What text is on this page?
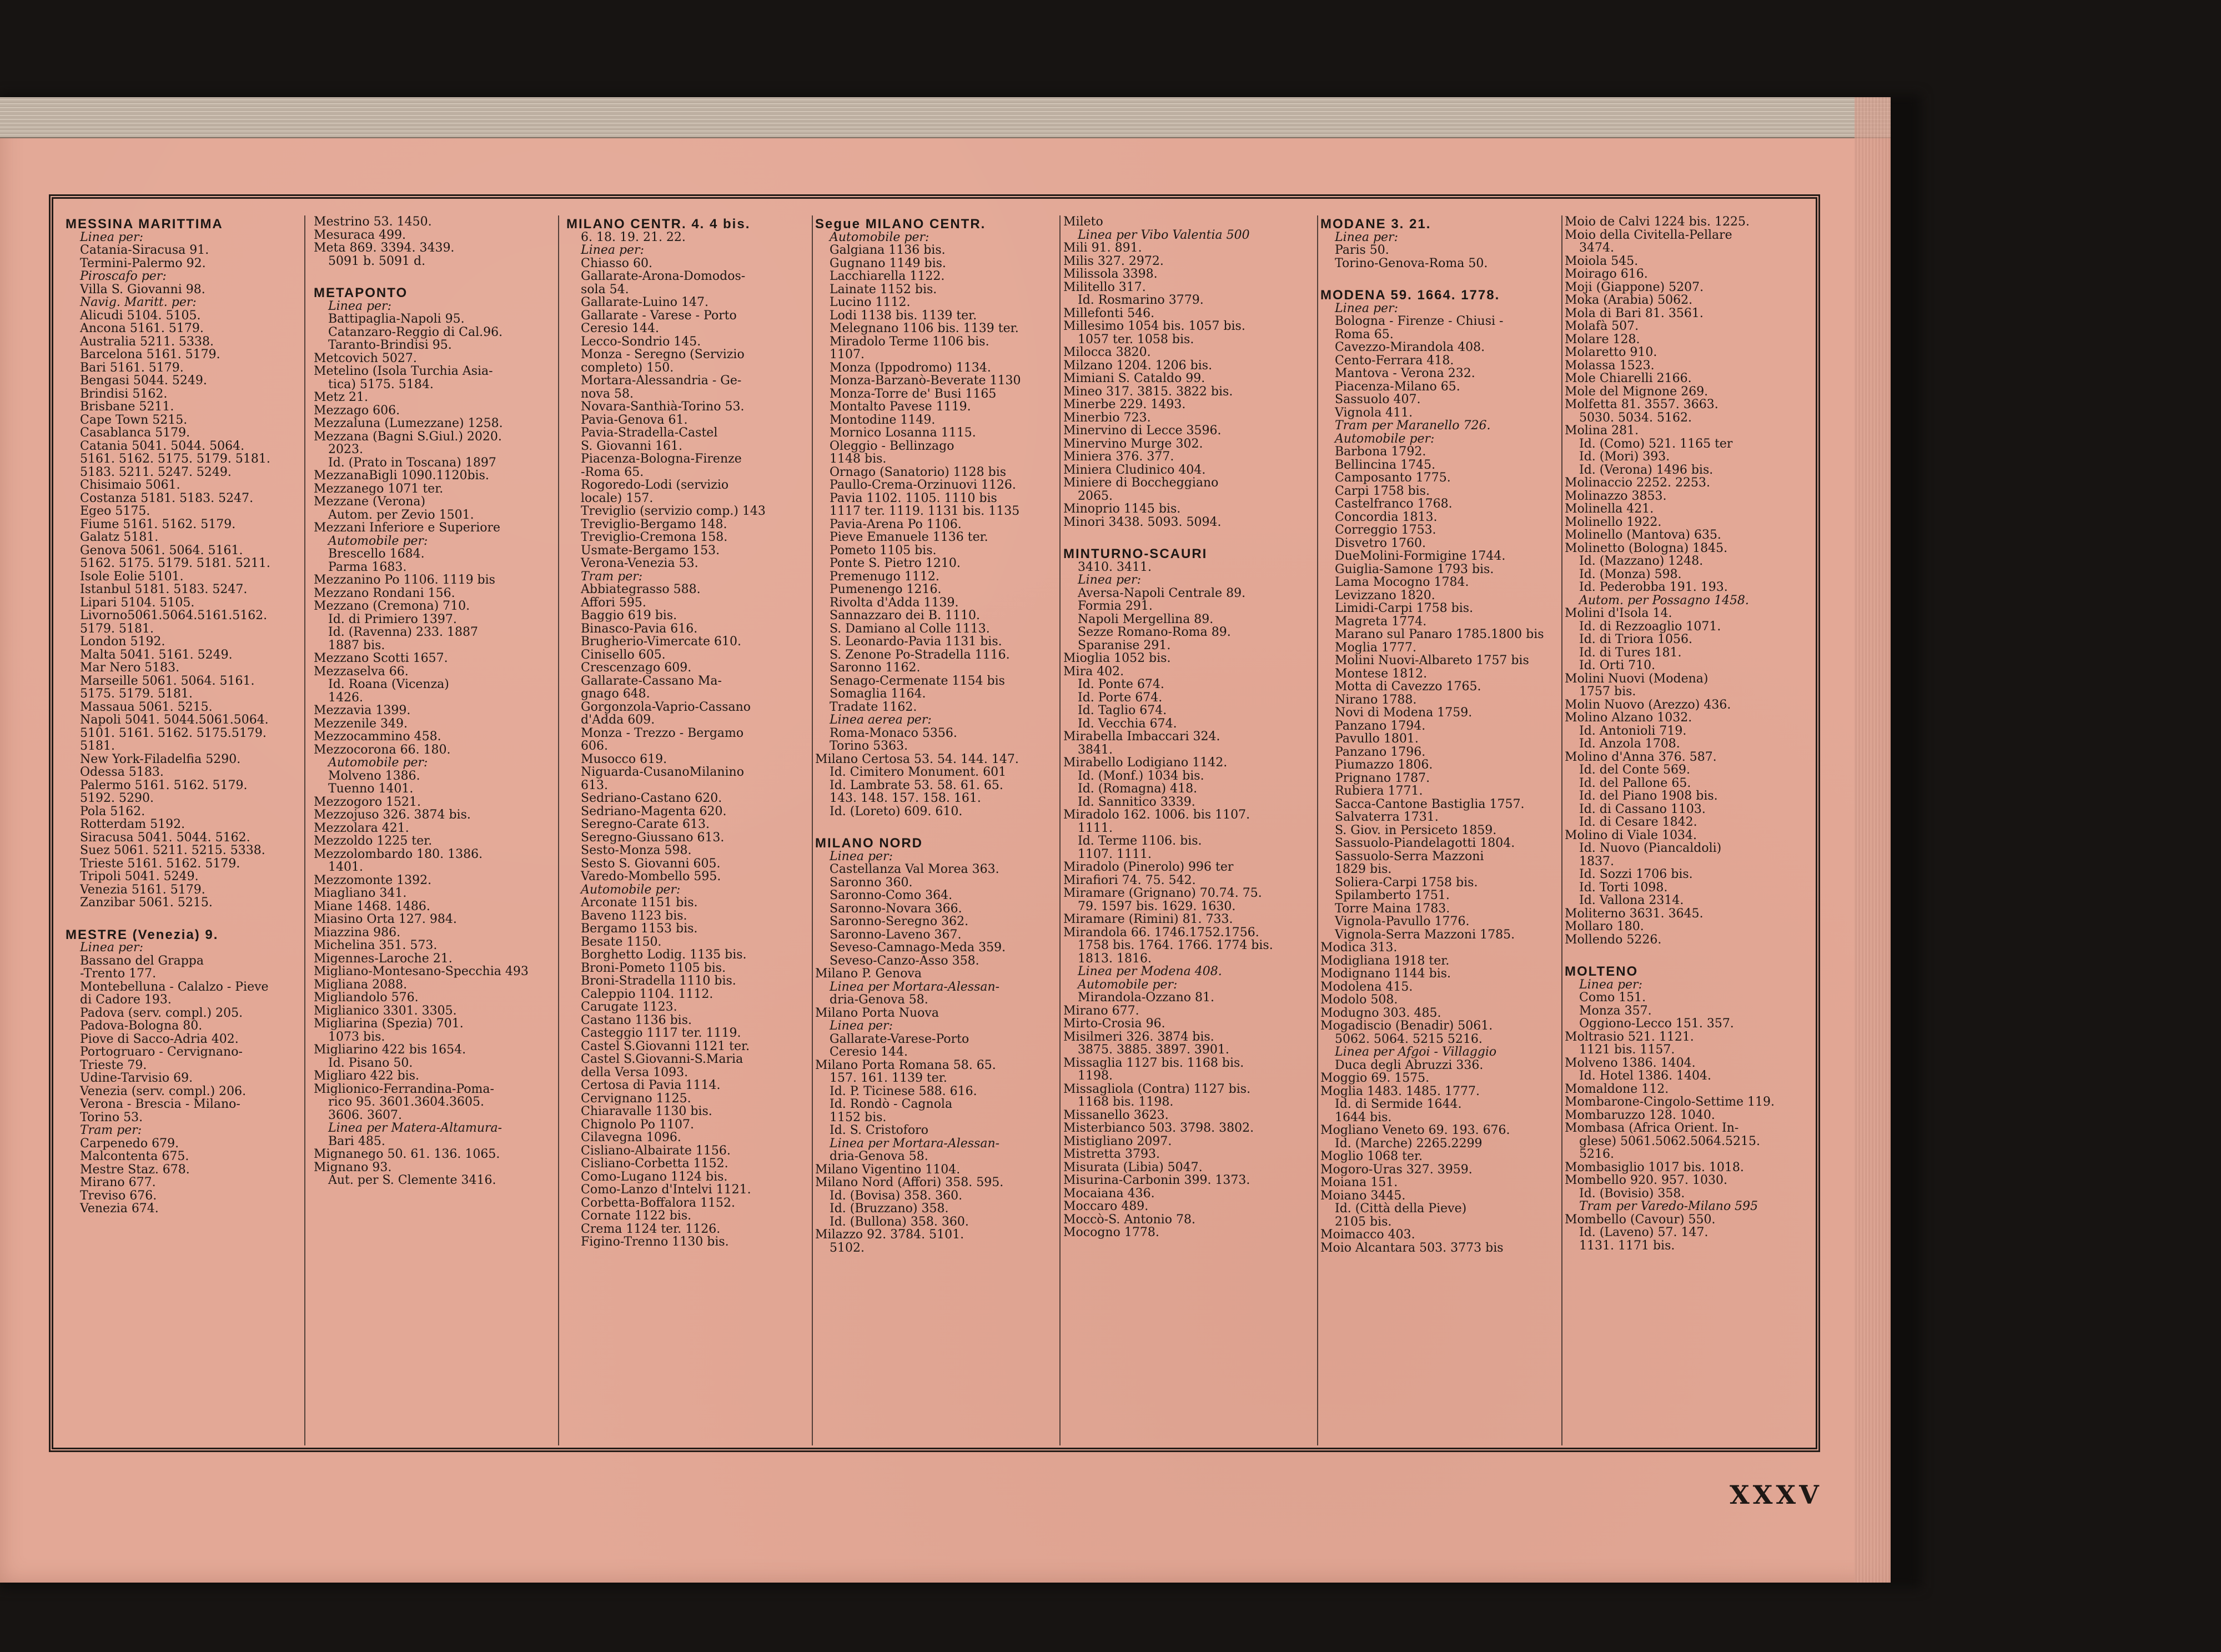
MESSINA MARITTIMA
Linea per:
Catania-Siracusa 91.
Termini-Palermo 92.
Piroscafo per:
Villa S. Giovanni 98.
Navig. Maritt. per:
Alicudi 5104. 5105.
Ancona 5161. 5179.
Australia 5211. 5338.
Barcelona 5161. 5179.
Bari 5161. 5179.
Bengasi 5044. 5249.
Brindisi 5162.
Brisbane 5211.
Cape Town 5215.
Casablanca 5179.
Catania 5041. 5044. 5064.
5161. 5162. 5175. 5179. 5181.
5183. 5211. 5247. 5249.
Chisimaio 5061.
Costanza 5181. 5183. 5247.
Egeo 5175.
Fiume 5161. 5162. 5179.
Galatz 5181.
Genova 5061. 5064. 5161.
5162. 5175. 5179. 5181. 5211.
Isole Eolie 5101.
Istanbul 5181. 5183. 5247.
Lipari 5104. 5105.
Livorno5061.5064.5161.5162.
5179. 5181.
London 5192.
Malta 5041. 5161. 5249.
Mar Nero 5183.
Marseille 5061. 5064. 5161.
5175. 5179. 5181.
Massaua 5061. 5215.
Napoli 5041. 5044.5061.5064.
5101. 5161. 5162. 5175.5179.
5181.
New York-Filadelfia 5290.
Odessa 5183.
Palermo 5161. 5162. 5179.
5192. 5290.
Pola 5162.
Rotterdam 5192.
Siracusa 5041. 5044. 5162.
Suez 5061. 5211. 5215. 5338.
Trieste 5161. 5162. 5179.
Tripoli 5041. 5249.
Venezia 5161. 5179.
Zanzibar 5061. 5215.
MESTRE (Venezia) 9.
Linea per:
Bassano del Grappa
-Trento 177.
Montebelluna - Calalzo - Pieve
di Cadore 193.
Padova (serv. compl.) 205.
Padova-Bologna 80.
Piove di Sacco-Adria 402.
Portogruaro - Cervignano-
Trieste 79.
Udine-Tarvisio 69.
Venezia (serv. compl.) 206.
Verona - Brescia - Milano-
Torino 53.
Tram per:
Carpenedo 679.
Malcontenta 675.
Mestre Staz. 678.
Mirano 677.
Treviso 676.
Venezia 674.
Mestrino 53. 1450.
Mesuraca 499.
Meta 869. 3394. 3439.
5091 b. 5091 d.
METAPONTO
Linea per:
Battipaglia-Napoli 95.
Catanzaro-Reggio di Cal.96.
Taranto-Brindisi 95.
Metcovich 5027.
Metelino (Isola Turchia Asia-
tica) 5175. 5184.
Metz 21.
Mezzago 606.
Mezzaluna (Lumezzane) 1258.
Mezzana (Bagni S.Giul.) 2020.
2023.
Id. (Prato in Toscana) 1897
MezzanaBigli 1090.1120bis.
Mezzanego 1071 ter.
Mezzane (Verona)
Autom. per Zevio 1501.
Mezzani Inferiore e Superiore
Automobile per:
Brescello 1684.
Parma 1683.
Mezzanino Po 1106. 1119 bis
Mezzano Rondani 156.
Mezzano (Cremona) 710.
Id. di Primiero 1397.
Id. (Ravenna) 233. 1887
1887 bis.
Mezzano Scotti 1657.
Mezzaselva 66.
Id. Roana (Vicenza)
1426.
Mezzavia 1399.
Mezzenile 349.
Mezzocammino 458.
Mezzocorona 66. 180.
Automobile per:
Molveno 1386.
Tuenno 1401.
Mezzogoro 1521.
Mezzojuso 326. 3874 bis.
Mezzolara 421.
Mezzoldo 1225 ter.
Mezzolombardo 180. 1386.
1401.
Mezzomonte 1392.
Miagliano 341.
Miane 1468. 1486.
Miasino Orta 127. 984.
Miazzina 986.
Michelina 351. 573.
Migennes-Laroche 21.
Migliano-Montesano-Specchia 493
Migliana 2088.
Migliandolo 576.
Miglianico 3301. 3305.
Migliarina (Spezia) 701.
1073 bis.
Migliarino 422 bis 1654.
Id. Pisano 50.
Migliaro 422 bis.
Miglionico-Ferrandina-Poma-
rico 95. 3601.3604.3605.
3606. 3607.
Linea per Matera-Altamura-
Bari 485.
Mignanego 50. 61. 136. 1065.
Mignano 93.
Aut. per S. Clemente 3416.
MILANO CENTR. 4. 4 bis.
6. 18. 19. 21. 22.
Linea per:
Chiasso 60.
Gallarate-Arona-Domodos-
sola 54.
Gallarate-Luino 147.
Gallarate - Varese - Porto
Ceresio 144.
Lecco-Sondrio 145.
Monza - Seregno (Servizio
completo) 150.
Mortara-Alessandria - Ge-
nova 58.
Novara-Santhià-Torino 53.
Pavia-Genova 61.
Pavia-Stradella-Castel
S. Giovanni 161.
Piacenza-Bologna-Firenze
-Roma 65.
Rogoredo-Lodi (servizio
locale) 157.
Treviglio (servizio comp.) 143
Treviglio-Bergamo 148.
Treviglio-Cremona 158.
Usmate-Bergamo 153.
Verona-Venezia 53.
Tram per:
Abbiategrasso 588.
Affori 595.
Baggio 619 bis.
Binasco-Pavia 616.
Brugherio-Vimercate 610.
Cinisello 605.
Crescenzago 609.
Gallarate-Cassano Ma-
gnago 648.
Gorgonzola-Vaprio-Cassano
d'Adda 609.
Monza - Trezzo - Bergamo
606.
Musocco 619.
Niguarda-CusanoMilanino
613.
Sedriano-Castano 620.
Sedriano-Magenta 620.
Seregno-Carate 613.
Seregno-Giussano 613.
Sesto-Monza 598.
Sesto S. Giovanni 605.
Varedo-Mombello 595.
Automobile per:
Arconate 1151 bis.
Baveno 1123 bis.
Bergamo 1153 bis.
Besate 1150.
Borghetto Lodig. 1135 bis.
Broni-Pometo 1105 bis.
Broni-Stradella 1110 bis.
Caleppio 1104. 1112.
Carugate 1123.
Castano 1136 bis.
Casteggio 1117 ter. 1119.
Castel S.Giovanni 1121 ter.
Castel S.Giovanni-S.Maria
della Versa 1093.
Certosa di Pavia 1114.
Cervignano 1125.
Chiaravalle 1130 bis.
Chignolo Po 1107.
Cilavegna 1096.
Cisliano-Albairate 1156.
Cisliano-Corbetta 1152.
Como-Lugano 1124 bis.
Como-Lanzo d'Intelvi 1121.
Corbetta-Boffalora 1152.
Cornate 1122 bis.
Crema 1124 ter. 1126.
Figino-Trenno 1130 bis.
Segue MILANO CENTR.
Automobile per:
Galgiana 1136 bis.
Gugnano 1149 bis.
Lacchiarella 1122.
Lainate 1152 bis.
Lucino 1112.
Lodi 1138 bis. 1139 ter.
Melegnano 1106 bis. 1139 ter.
Miradolo Terme 1106 bis.
1107.
Monza (Ippodromo) 1134.
Monza-Barzanò-Beverate 1130
Monza-Torre de' Busi 1165
Montalto Pavese 1119.
Montodine 1149.
Mornico Losanna 1115.
Oleggio - Bellinzago
1148 bis.
Ornago (Sanatorio) 1128 bis
Paullo-Crema-Orzinuovi 1126.
Pavia 1102. 1105. 1110 bis
1117 ter. 1119. 1131 bis. 1135
Pavia-Arena Po 1106.
Pieve Emanuele 1136 ter.
Pometo 1105 bis.
Ponte S. Pietro 1210.
Premenugo 1112.
Pumenengo 1216.
Rivolta d'Adda 1139.
Sannazzaro dei B. 1110.
S. Damiano al Colle 1113.
S. Leonardo-Pavia 1131 bis.
S. Zenone Po-Stradella 1116.
Saronno 1162.
Senago-Cermenate 1154 bis
Somaglia 1164.
Tradate 1162.
Linea aerea per:
Roma-Monaco 5356.
Torino 5363.
Milano Certosa 53. 54. 144. 147.
Id. Cimitero Monument. 601
Id. Lambrate 53. 58. 61. 65.
143. 148. 157. 158. 161.
Id. (Loreto) 609. 610.
MILANO NORD
Linea per:
Castellanza Val Morea 363.
Saronno 360.
Saronno-Como 364.
Saronno-Novara 366.
Saronno-Seregno 362.
Saronno-Laveno 367.
Seveso-Camnago-Meda 359.
Seveso-Canzo-Asso 358.
Milano P. Genova
Linea per Mortara-Alessan-
dria-Genova 58.
Milano Porta Nuova
Linea per:
Gallarate-Varese-Porto
Ceresio 144.
Milano Porta Romana 58. 65.
157. 161. 1139 ter.
Id. P. Ticinese 588. 616.
Id. Rondò - Cagnola
1152 bis.
Id. S. Cristoforo
Linea per Mortara-Alessan-
dria-Genova 58.
Milano Vigentino 1104.
Milano Nord (Affori) 358. 595.
Id. (Bovisa) 358. 360.
Id. (Bruzzano) 358.
Id. (Bullona) 358. 360.
Milazzo 92. 3784. 5101.
5102.
Mileto
Linea per Vibo Valentia 500
Mili 91. 891.
Milis 327. 2972.
Milissola 3398.
Militello 317.
Id. Rosmarino 3779.
Millefonti 546.
Millesimo 1054 bis. 1057 bis.
1057 ter. 1058 bis.
Milocca 3820.
Milzano 1204. 1206 bis.
Mimiani S. Cataldo 99.
Mineo 317. 3815. 3822 bis.
Minerbe 229. 1493.
Minerbio 723.
Minervino di Lecce 3596.
Minervino Murge 302.
Miniera 376. 377.
Miniera Cludinico 404.
Miniere di Boccheggiano
2065.
Minoprio 1145 bis.
Minori 3438. 5093. 5094.
MINTURNO-SCAURI
3410. 3411.
Linea per:
Aversa-Napoli Centrale 89.
Formia 291.
Napoli Mergellina 89.
Sezze Romano-Roma 89.
Sparanise 291.
Mioglia 1052 bis.
Mira 402.
Id. Ponte 674.
Id. Porte 674.
Id. Taglio 674.
Id. Vecchia 674.
Mirabella Imbaccari 324.
3841.
Mirabello Lodigiano 1142.
Id. (Monf.) 1034 bis.
Id. (Romagna) 418.
Id. Sannitico 3339.
Miradolo 162. 1006. bis 1107.
1111.
Id. Terme 1106. bis.
1107. 1111.
Miradolo (Pinerolo) 996 ter
Mirafiori 74. 75. 542.
Miramare (Grignano) 70.74. 75.
79. 1597 bis. 1629. 1630.
Miramare (Rimini) 81. 733.
Mirandola 66. 1746.1752.1756.
1758 bis. 1764. 1766. 1774 bis.
1813. 1816.
Linea per Modena 408.
Automobile per:
Mirandola-Ozzano 81.
Mirano 677.
Mirto-Crosia 96.
Misilmeri 326. 3874 bis.
3875. 3885. 3897. 3901.
Missaglia 1127 bis. 1168 bis.
1198.
Missagliola (Contra) 1127 bis.
1168 bis. 1198.
Missanello 3623.
Misterbianco 503. 3798. 3802.
Mistigliano 2097.
Mistretta 3793.
Misurata (Libia) 5047.
Misurina-Carbonin 399. 1373.
Mocaiana 436.
Moccaro 489.
Moccò-S. Antonio 78.
Mocogno 1778.
MODANE 3. 21.
Linea per:
Paris 50.
Torino-Genova-Roma 50.
MODENA 59. 1664. 1778.
Linea per:
Bologna - Firenze - Chiusi -
Roma 65.
Cavezzo-Mirandola 408.
Cento-Ferrara 418.
Mantova - Verona 232.
Piacenza-Milano 65.
Sassuolo 407.
Vignola 411.
Tram per Maranello 726.
Automobile per:
Barbona 1792.
Bellincina 1745.
Camposanto 1775.
Carpi 1758 bis.
Castelfranco 1768.
Concordia 1813.
Correggio 1753.
Disvetro 1760.
DueMolini-Formigine 1744.
Guiglia-Samone 1793 bis.
Lama Mocogno 1784.
Levizzano 1820.
Limidi-Carpi 1758 bis.
Magreta 1774.
Marano sul Panaro 1785.1800 bis
Moglia 1777.
Molini Nuovi-Albareto 1757 bis
Montese 1812.
Motta di Cavezzo 1765.
Nirano 1788.
Novi di Modena 1759.
Panzano 1794.
Pavullo 1801.
Panzano 1796.
Piumazzo 1806.
Prignano 1787.
Rubiera 1771.
Sacca-Cantone Bastiglia 1757.
Salvaterra 1731.
S. Giov. in Persiceto 1859.
Sassuolo-Piandelagotti 1804.
Sassuolo-Serra Mazzoni
1829 bis.
Soliera-Carpi 1758 bis.
Spilamberto 1751.
Torre Maina 1783.
Vignola-Pavullo 1776.
Vignola-Serra Mazzoni 1785.
Modica 313.
Modigliana 1918 ter.
Modignano 1144 bis.
Modolena 415.
Modolo 508.
Modugno 303. 485.
Mogadiscio (Benadir) 5061.
5062. 5064. 5215 5216.
Linea per Afgoi - Villaggio
Duca degli Abruzzi 336.
Moggio 69. 1575.
Moglia 1483. 1485. 1777.
Id. di Sermide 1644.
1644 bis.
Mogliano Veneto 69. 193. 676.
Id. (Marche) 2265.2299
Moglio 1068 ter.
Mogoro-Uras 327. 3959.
Moiana 151.
Moiano 3445.
Id. (Città della Pieve)
2105 bis.
Moimacco 403.
Moio Alcantara 503. 3773 bis
Moio de Calvi 1224 bis. 1225.
Moio della Civitella-Pellare
3474.
Moiola 545.
Moirago 616.
Moji (Giappone) 5207.
Moka (Arabia) 5062.
Mola di Bari 81. 3561.
Molafà 507.
Molare 128.
Molaretto 910.
Molassa 1523.
Mole Chiarelli 2166.
Mole del Mignone 269.
Molfetta 81. 3557. 3663.
5030. 5034. 5162.
Molina 281.
Id. (Como) 521. 1165 ter
Id. (Mori) 393.
Id. (Verona) 1496 bis.
Molinaccio 2252. 2253.
Molinazzo 3853.
Molinella 421.
Molinello 1922.
Molinello (Mantova) 635.
Molinetto (Bologna) 1845.
Id. (Mazzano) 1248.
Id. (Monza) 598.
Id. Pederobba 191. 193.
Autom. per Possagno 1458.
Molini d'Isola 14.
Id. di Rezzoaglio 1071.
Id. di Triora 1056.
Id. di Tures 181.
Id. Orti 710.
Molini Nuovi (Modena)
1757 bis.
Molin Nuovo (Arezzo) 436.
Molino Alzano 1032.
Id. Antonioli 719.
Id. Anzola 1708.
Molino d'Anna 376. 587.
Id. del Conte 569.
Id. del Pallone 65.
Id. del Piano 1908 bis.
Id. di Cassano 1103.
Id. di Cesare 1842.
Molino di Viale 1034.
Id. Nuovo (Piancaldoli)
1837.
Id. Sozzi 1706 bis.
Id. Torti 1098.
Id. Vallona 2314.
Moliterno 3631. 3645.
Mollaro 180.
Mollendo 5226.
MOLTENO
Linea per:
Como 151.
Monza 357.
Oggiono-Lecco 151. 357.
Moltrasio 521. 1121.
1121 bis. 1157.
Molveno 1386. 1404.
Id. Hotel 1386. 1404.
Momaldone 112.
Mombarone-Cingolo-Settime 119.
Mombaruzzo 128. 1040.
Mombasa (Africa Orient. In-
glese) 5061.5062.5064.5215.
5216.
Mombasiglio 1017 bis. 1018.
Mombello 920. 957. 1030.
Id. (Bovisio) 358.
Tram per Varedo-Milano 595
Mombello (Cavour) 550.
Id. (Laveno) 57. 147.
1131. 1171 bis.
XXXV
